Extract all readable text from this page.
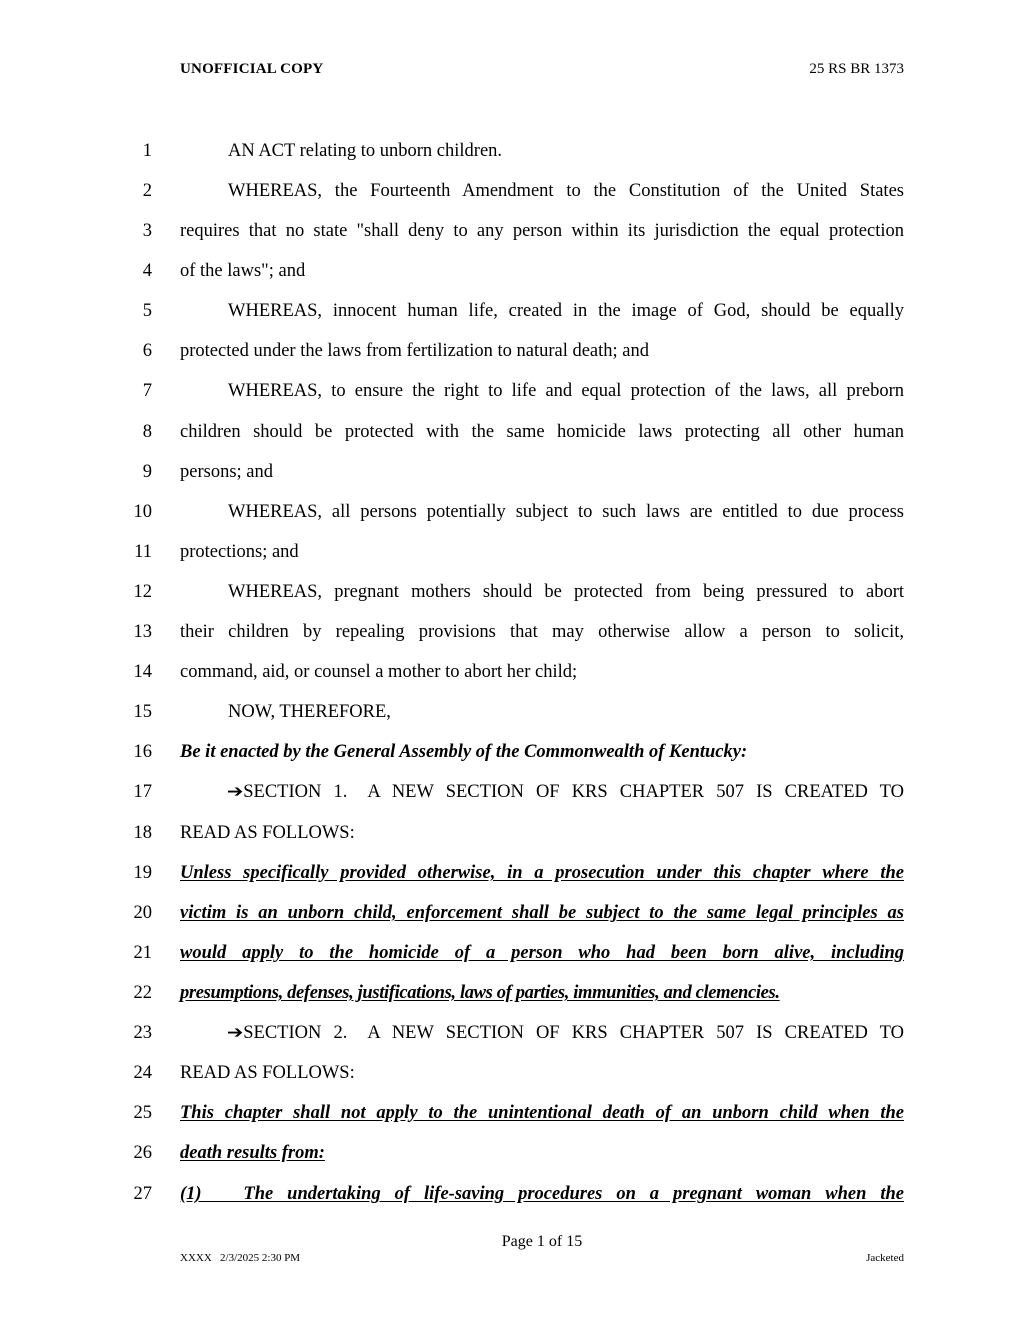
UNOFFICIAL COPY	25 RS BR 1373
1	AN ACT relating to unborn children.
2	WHEREAS, the Fourteenth Amendment to the Constitution of the United States
3 requires that no state "shall deny to any person within its jurisdiction the equal protection
4 of the laws"; and
5	WHEREAS, innocent human life, created in the image of God, should be equally
6 protected under the laws from fertilization to natural death; and
7	WHEREAS, to ensure the right to life and equal protection of the laws, all preborn
8 children should be protected with the same homicide laws protecting all other human
9 persons; and
10	WHEREAS, all persons potentially subject to such laws are entitled to due process
11 protections; and
12	WHEREAS, pregnant mothers should be protected from being pressured to abort
13 their children by repealing provisions that may otherwise allow a person to solicit,
14 command, aid, or counsel a mother to abort her child;
15	NOW, THEREFORE,
16 Be it enacted by the General Assembly of the Commonwealth of Kentucky:
17	➔SECTION 1. A NEW SECTION OF KRS CHAPTER 507 IS CREATED TO
18 READ AS FOLLOWS:
19 Unless specifically provided otherwise, in a prosecution under this chapter where the
20 victim is an unborn child, enforcement shall be subject to the same legal principles as
21 would apply to the homicide of a person who had been born alive, including
22 presumptions, defenses, justifications, laws of parties, immunities, and clemencies.
23	➔SECTION 2. A NEW SECTION OF KRS CHAPTER 507 IS CREATED TO
24 READ AS FOLLOWS:
25 This chapter shall not apply to the unintentional death of an unborn child when the
26 death results from:
27 (1)   The undertaking of life-saving procedures on a pregnant woman when the
Page 1 of 15
XXXX   2/3/2025 2:30 PM	Jacketed
